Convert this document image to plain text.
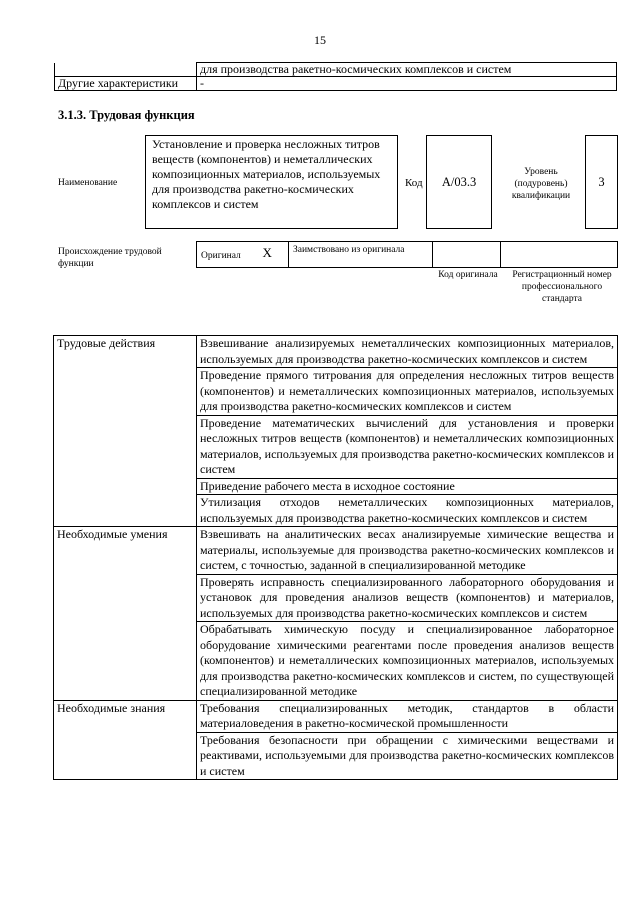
15
	для производства ракетно-космических комплексов и систем
Другие характеристики	-
3.1.3. Трудовая функция
Наименование
Установление и проверка несложных титров веществ (компонентов) и неметаллических композиционных материалов, используемых для производства ракетно-космических комплексов и систем
Код	А/03.3
Уровень (подуровень) квалификации
3
Происхождение трудовой функции
Оригинал	X	Заимствовано из оригинала		
Код оригинала	Регистрационный номер профессионального стандарта
Трудовые действия	Взвешивание анализируемых неметаллических композиционных материалов, используемых для производства ракетно-космических комплексов и систем
	Проведение прямого титрования для определения несложных титров веществ (компонентов) и неметаллических композиционных материалов, используемых для производства ракетно-космических комплексов и систем
	Проведение математических вычислений для установления и проверки несложных титров веществ (компонентов) и неметаллических композиционных материалов, используемых для производства ракетно-космических комплексов и систем
	Приведение рабочего места в исходное состояние
	Утилизация отходов неметаллических композиционных материалов, используемых для производства ракетно-космических комплексов и систем
Необходимые умения	Взвешивать на аналитических весах анализируемые химические вещества и материалы, используемые для производства ракетно-космических комплексов и систем, с точностью, заданной в специализированной методике
	Проверять исправность специализированного лабораторного оборудования и установок для проведения анализов веществ (компонентов) и материалов, используемых для производства ракетно-космических комплексов и систем
	Обрабатывать химическую посуду и специализированное лабораторное оборудование химическими реагентами после проведения анализов веществ (компонентов) и неметаллических композиционных материалов, используемых для производства ракетно-космических комплексов и систем, по существующей специализированной методике
Необходимые знания	Требования специализированных методик, стандартов в области материаловедения в ракетно-космической промышленности
	Требования безопасности при обращении с химическими веществами и реактивами, используемыми для производства ракетно-космических комплексов и систем
